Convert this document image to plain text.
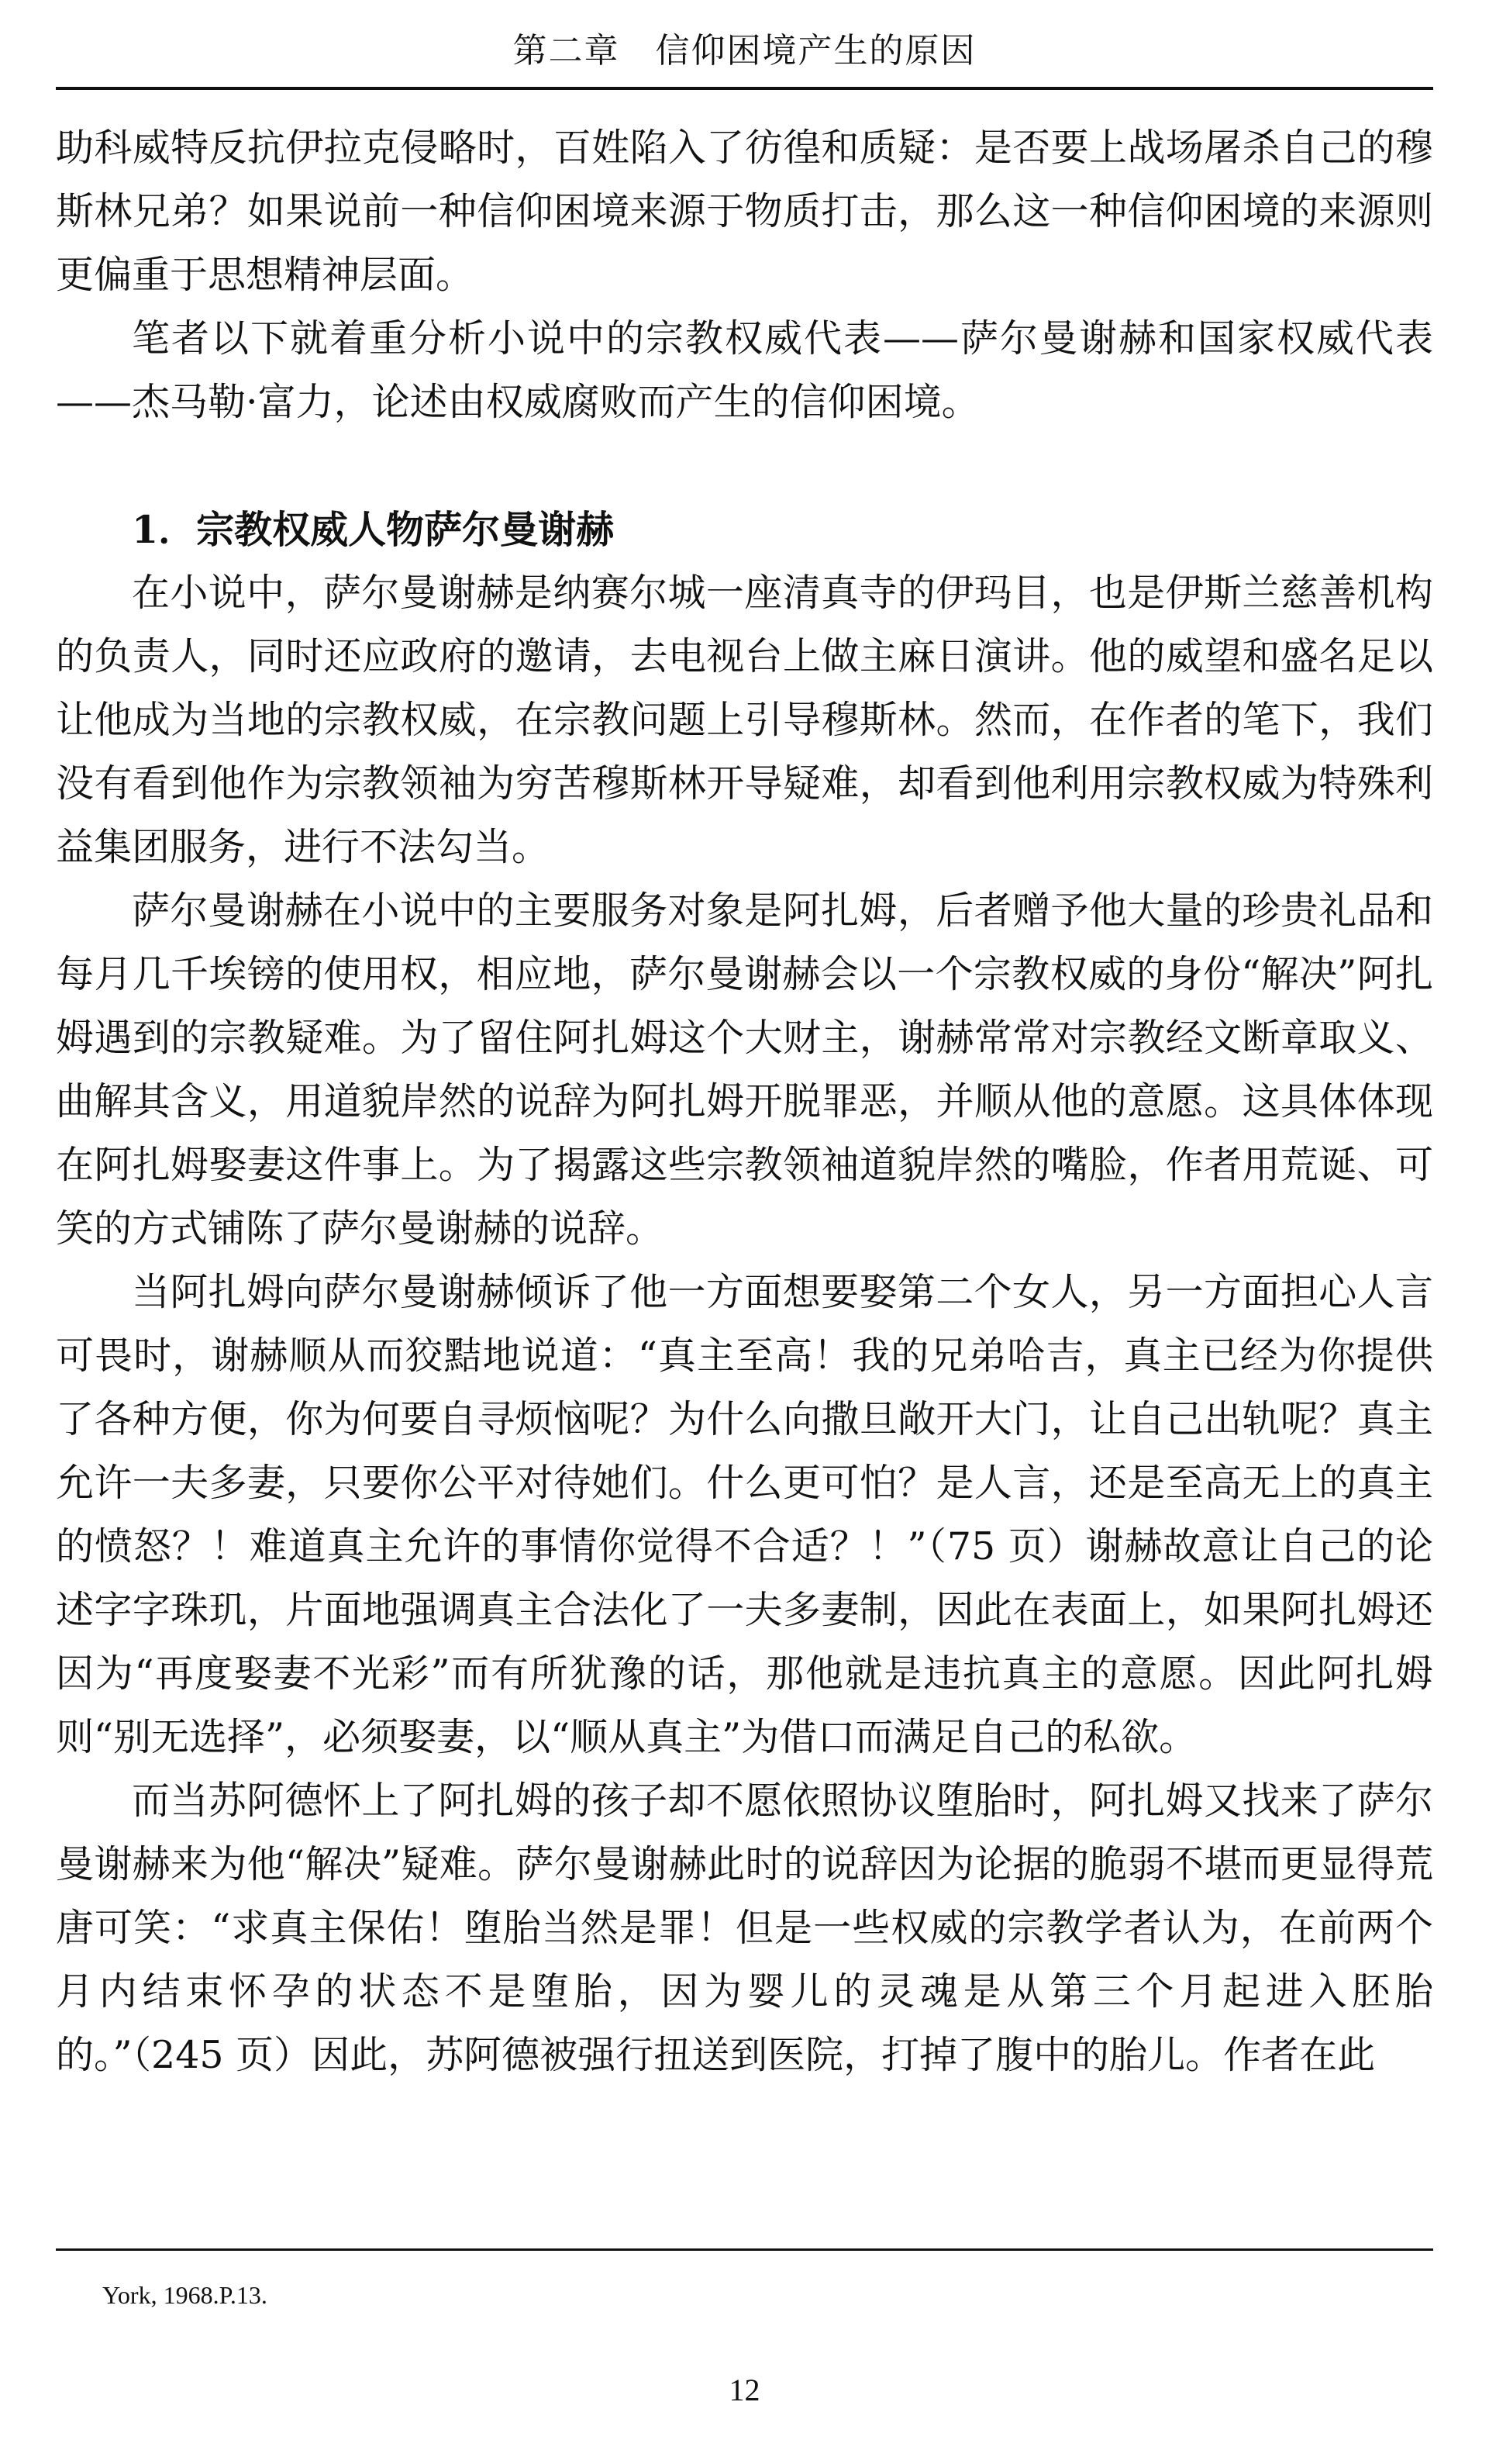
第二章　信仰困境产生的原因

助科威特反抗伊拉克侵略时，百姓陷入了彷徨和质疑：是否要上战场屠杀自己的穆斯林兄弟？如果说前一种信仰困境来源于物质打击，那么这一种信仰困境的来源则更偏重于思想精神层面。

笔者以下就着重分析小说中的宗教权威代表——萨尔曼谢赫和国家权威代表——杰马勒·富力，论述由权威腐败而产生的信仰困境。

1．宗教权威人物萨尔曼谢赫

在小说中，萨尔曼谢赫是纳赛尔城一座清真寺的伊玛目，也是伊斯兰慈善机构的负责人，同时还应政府的邀请，去电视台上做主麻日演讲。他的威望和盛名足以让他成为当地的宗教权威，在宗教问题上引导穆斯林。然而，在作者的笔下，我们没有看到他作为宗教领袖为穷苦穆斯林开导疑难，却看到他利用宗教权威为特殊利益集团服务，进行不法勾当。

萨尔曼谢赫在小说中的主要服务对象是阿扎姆，后者赠予他大量的珍贵礼品和每月几千埃镑的使用权，相应地，萨尔曼谢赫会以一个宗教权威的身份“解决”阿扎姆遇到的宗教疑难。为了留住阿扎姆这个大财主，谢赫常常对宗教经文断章取义、曲解其含义，用道貌岸然的说辞为阿扎姆开脱罪恶，并顺从他的意愿。这具体体现在阿扎姆娶妻这件事上。为了揭露这些宗教领袖道貌岸然的嘴脸，作者用荒诞、可笑的方式铺陈了萨尔曼谢赫的说辞。

当阿扎姆向萨尔曼谢赫倾诉了他一方面想要娶第二个女人，另一方面担心人言可畏时，谢赫顺从而狡黠地说道：“真主至高！我的兄弟哈吉，真主已经为你提供了各种方便，你为何要自寻烦恼呢？为什么向撒旦敞开大门，让自己出轨呢？真主允许一夫多妻，只要你公平对待她们。什么更可怕？是人言，还是至高无上的真主的愤怒？！难道真主允许的事情你觉得不合适？！”（75 页）谢赫故意让自己的论述字字珠玑，片面地强调真主合法化了一夫多妻制，因此在表面上，如果阿扎姆还因为“再度娶妻不光彩”而有所犹豫的话，那他就是违抗真主的意愿。因此阿扎姆则“别无选择”，必须娶妻，以“顺从真主”为借口而满足自己的私欲。

而当苏阿德怀上了阿扎姆的孩子却不愿依照协议堕胎时，阿扎姆又找来了萨尔曼谢赫来为他“解决”疑难。萨尔曼谢赫此时的说辞因为论据的脆弱不堪而更显得荒唐可笑：“求真主保佑！堕胎当然是罪！但是一些权威的宗教学者认为，在前两个月内结束怀孕的状态不是堕胎，因为婴儿的灵魂是从第三个月起进入胚胎的。”（245 页）因此，苏阿德被强行扭送到医院，打掉了腹中的胎儿。作者在此

York, 1968.P.13.
12
